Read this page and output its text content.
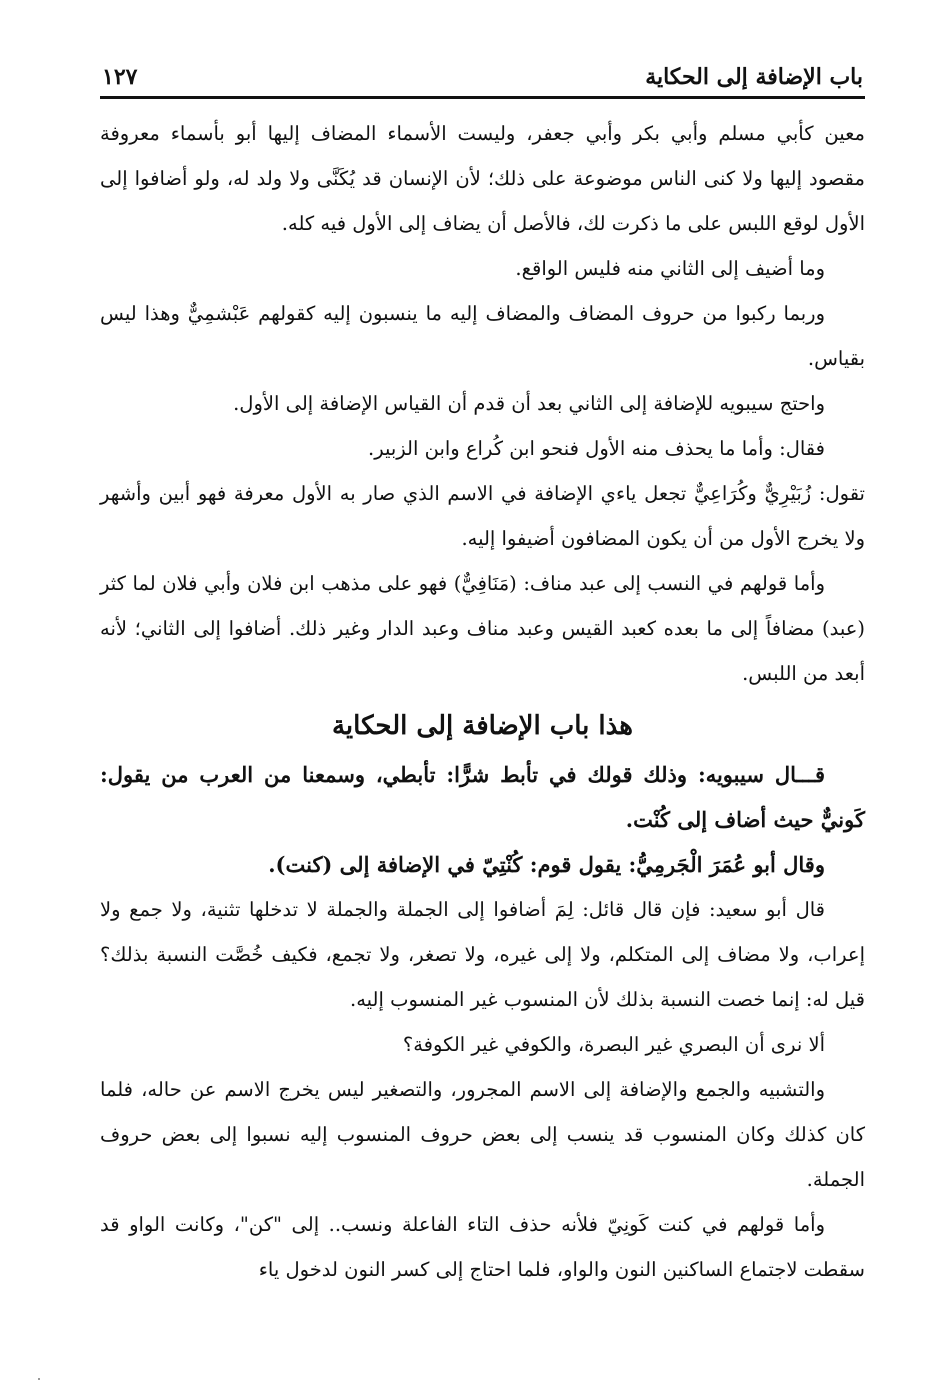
باب الإضافة إلى الحكاية
١٢٧

معين كأبي مسلم وأبي بكر وأبي جعفر، وليست الأسماء المضاف إليها أبو بأسماء معروفة مقصود إليها ولا كنى الناس موضوعة على ذلك؛ لأن الإنسان قد يُكَنَّى ولا ولد له، ولو أضافوا إلى الأول لوقع اللبس على ما ذكرت لك، فالأصل أن يضاف إلى الأول فيه كله.

وما أضيف إلى الثاني منه فليس الواقع.

وربما ركبوا من حروف المضاف والمضاف إليه ما ينسبون إليه كقولهم عَبْشمِيٌّ وهذا ليس بقياس.

واحتج سيبويه للإضافة إلى الثاني بعد أن قدم أن القياس الإضافة إلى الأول.

فقال: وأما ما يحذف منه الأول فنحو ابن كُراع وابن الزبير.

تقول: زُبَيْرِيٌّ وكُرَاعِيٌّ تجعل ياءي الإضافة في الاسم الذي صار به الأول معرفة فهو أبين وأشهر ولا يخرج الأول من أن يكون المضافون أضيفوا إليه.

وأما قولهم في النسب إلى عبد مناف: (مَنَافِيٌّ) فهو على مذهب ابن فلان وأبي فلان لما كثر (عبد) مضافاً إلى ما بعده كعبد القيس وعبد مناف وعبد الدار وغير ذلك. أضافوا إلى الثاني؛ لأنه أبعد من اللبس.

هذا باب الإضافة إلى الحكاية

قـــال سيبويه: وذلك قولك في تأبط شرًّا: تأبطي، وسمعنا من العرب من يقول: كَونيٌّ حيث أضاف إلى كُنْت.

وقال أبو عُمَرَ الْجَرمِيُّ: يقول قوم: كُنْتِيّ في الإضافة إلى (كنت).

قال أبو سعيد: فإن قال قائل: لِمَ أضافوا إلى الجملة والجملة لا تدخلها تثنية، ولا جمع ولا إعراب، ولا مضاف إلى المتكلم، ولا إلى غيره، ولا تصغر، ولا تجمع، فكيف خُصَّت النسبة بذلك؟ قيل له: إنما خصت النسبة بذلك لأن المنسوب غير المنسوب إليه.

ألا نرى أن البصري غير البصرة، والكوفي غير الكوفة؟

والتشبيه والجمع والإضافة إلى الاسم المجرور، والتصغير ليس يخرج الاسم عن حاله، فلما كان كذلك وكان المنسوب قد ينسب إلى بعض حروف المنسوب إليه نسبوا إلى بعض حروف الجملة.

وأما قولهم في كنت كَونِيّ فلأنه حذف التاء الفاعلة ونسب.. إلى "كن"، وكانت الواو قد سقطت لاجتماع الساكنين النون والواو، فلما احتاج إلى كسر النون لدخول ياء
